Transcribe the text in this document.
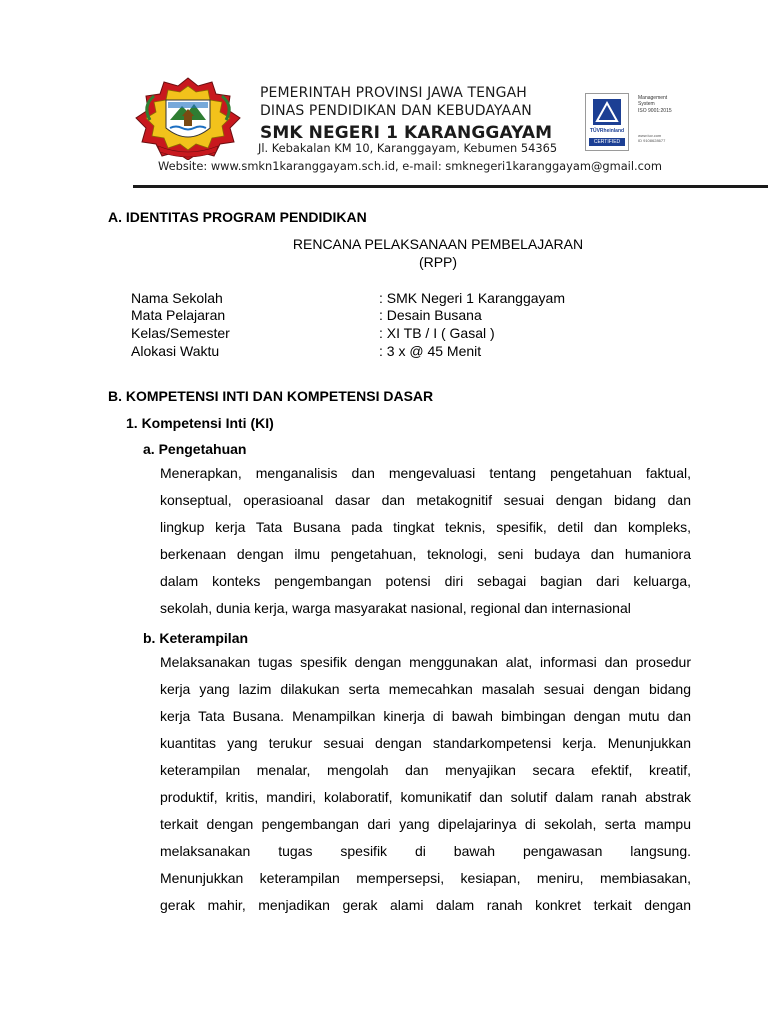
PEMERINTAH PROVINSI JAWA TENGAH
DINAS PENDIDIKAN DAN KEBUDAYAAN
SMK NEGERI 1 KARANGGAYAM
Jl. Kebakalan KM 10, Karanggayam, Kebumen 54365
Website: www.smkn1karanggayam.sch.id, e-mail: smknegeri1karanggayam@gmail.com
TÜVRheinland
CERTIFIED
Management
System
ISO 9001:2015
www.tuv.com
ID 9108628677
A. IDENTITAS PROGRAM PENDIDIKAN
RENCANA PELAKSANAAN PEMBELAJARAN
(RPP)
Nama Sekolah	: SMK Negeri 1 Karanggayam
Mata Pelajaran	: Desain Busana
Kelas/Semester	: XI TB / I ( Gasal )
Alokasi Waktu	: 3 x @ 45 Menit
B. KOMPETENSI INTI DAN KOMPETENSI DASAR
1. Kompetensi Inti (KI)
a. Pengetahuan
Menerapkan, menganalisis dan mengevaluasi tentang pengetahuan faktual,
konseptual, operasioanal dasar dan metakognitif sesuai dengan bidang dan
lingkup kerja Tata Busana pada tingkat teknis, spesifik, detil dan kompleks,
berkenaan dengan ilmu pengetahuan, teknologi, seni budaya dan humaniora
dalam konteks pengembangan potensi diri sebagai bagian dari keluarga,
sekolah, dunia kerja, warga masyarakat nasional, regional dan internasional
b. Keterampilan
Melaksanakan tugas spesifik dengan menggunakan alat, informasi dan prosedur
kerja yang lazim dilakukan serta memecahkan masalah sesuai dengan bidang
kerja Tata Busana. Menampilkan kinerja di bawah bimbingan dengan mutu dan
kuantitas yang terukur sesuai dengan standarkompetensi kerja. Menunjukkan
keterampilan menalar, mengolah dan menyajikan secara efektif, kreatif,
produktif, kritis, mandiri, kolaboratif, komunikatif dan solutif dalam ranah abstrak
terkait dengan pengembangan dari yang dipelajarinya di sekolah, serta mampu
melaksanakan tugas spesifik di bawah pengawasan langsung.
Menunjukkan keterampilan mempersepsi, kesiapan, meniru, membiasakan,
gerak mahir, menjadikan gerak alami dalam ranah konkret terkait dengan
